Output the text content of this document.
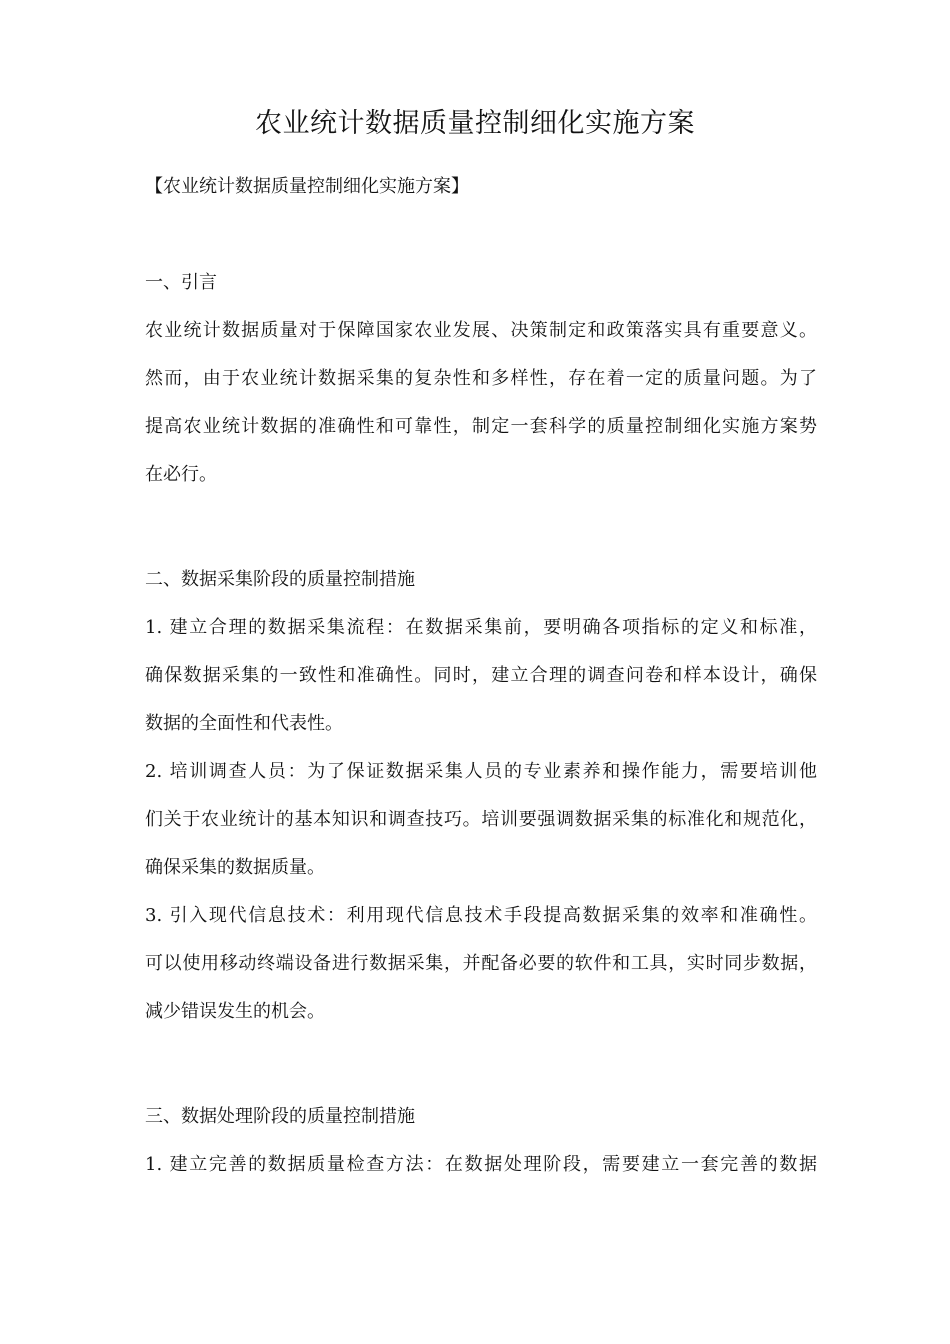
农业统计数据质量控制细化实施方案
【农业统计数据质量控制细化实施方案】
一、引言
农业统计数据质量对于保障国家农业发展、决策制定和政策落实具有重要意义。
然而，由于农业统计数据采集的复杂性和多样性，存在着一定的质量问题。为了
提高农业统计数据的准确性和可靠性，制定一套科学的质量控制细化实施方案势
在必行。
二、数据采集阶段的质量控制措施
1. 建立合理的数据采集流程：在数据采集前，要明确各项指标的定义和标准，
确保数据采集的一致性和准确性。同时，建立合理的调查问卷和样本设计，确保
数据的全面性和代表性。
2. 培训调查人员：为了保证数据采集人员的专业素养和操作能力，需要培训他
们关于农业统计的基本知识和调查技巧。培训要强调数据采集的标准化和规范化，
确保采集的数据质量。
3. 引入现代信息技术：利用现代信息技术手段提高数据采集的效率和准确性。
可以使用移动终端设备进行数据采集，并配备必要的软件和工具，实时同步数据，
减少错误发生的机会。
三、数据处理阶段的质量控制措施
1. 建立完善的数据质量检查方法：在数据处理阶段，需要建立一套完善的数据
